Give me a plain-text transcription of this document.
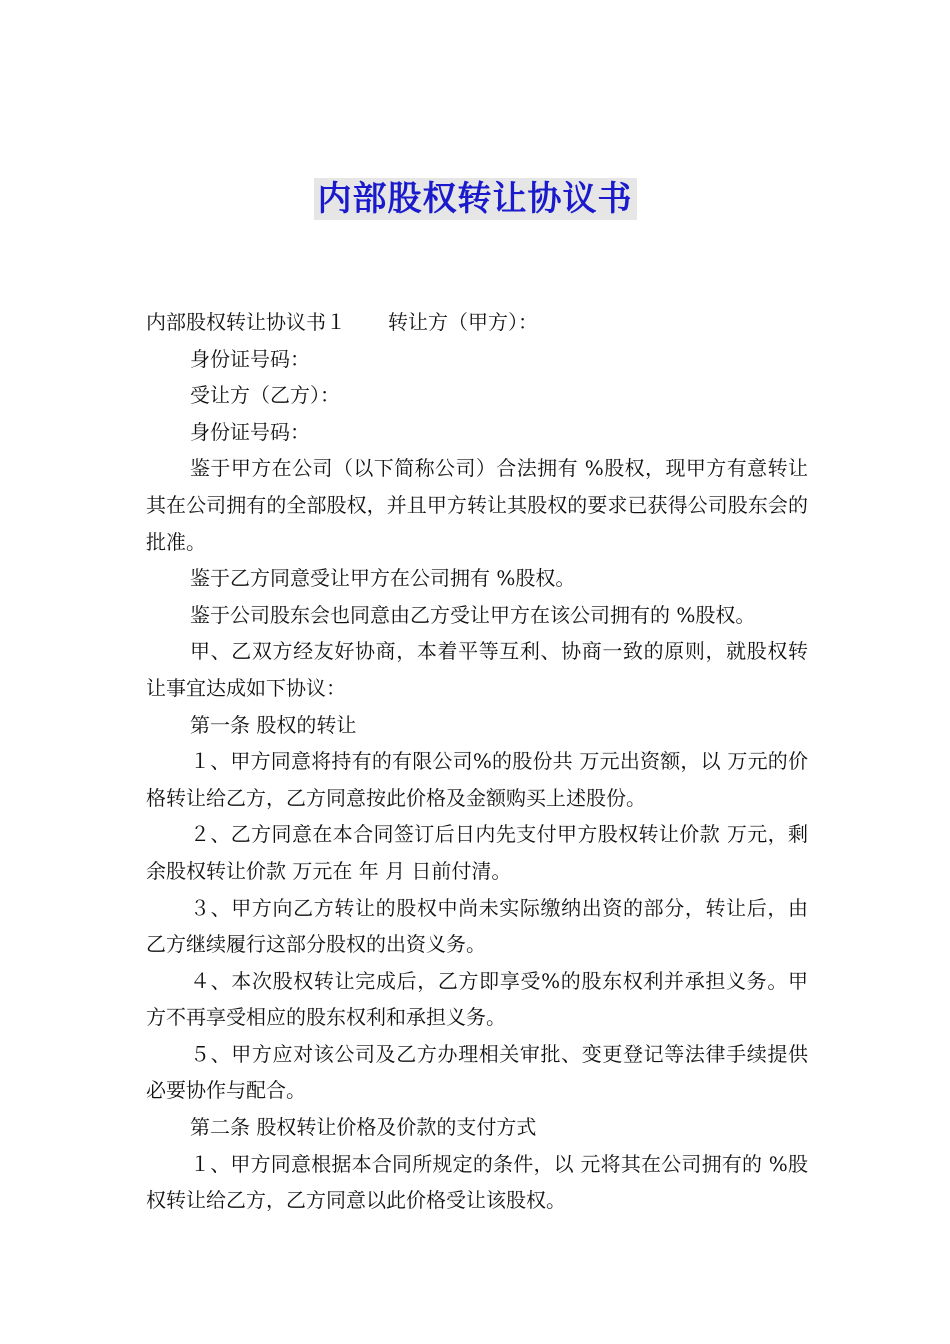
内部股权转让协议书

内部股权转让协议书１ 转让方（甲方）：

身份证号码：

受让方（乙方）：

身份证号码：

鉴于甲方在公司（以下简称公司）合法拥有 %股权，现甲方有意转让其在公司拥有的全部股权，并且甲方转让其股权的要求已获得公司股东会的批准。

鉴于乙方同意受让甲方在公司拥有 %股权。

鉴于公司股东会也同意由乙方受让甲方在该公司拥有的 %股权。

甲、乙双方经友好协商，本着平等互利、协商一致的原则，就股权转让事宜达成如下协议：

第一条 股权的转让

１、甲方同意将持有的有限公司%的股份共 万元出资额，以 万元的价格转让给乙方，乙方同意按此价格及金额购买上述股份。

２、乙方同意在本合同签订后日内先支付甲方股权转让价款 万元，剩余股权转让价款 万元在 年 月 日前付清。

３、甲方向乙方转让的股权中尚未实际缴纳出资的部分，转让后，由乙方继续履行这部分股权的出资义务。

４、本次股权转让完成后，乙方即享受%的股东权利并承担义务。甲方不再享受相应的股东权利和承担义务。

５、甲方应对该公司及乙方办理相关审批、变更登记等法律手续提供必要协作与配合。

第二条 股权转让价格及价款的支付方式

１、甲方同意根据本合同所规定的条件，以 元将其在公司拥有的 %股权转让给乙方，乙方同意以此价格受让该股权。
